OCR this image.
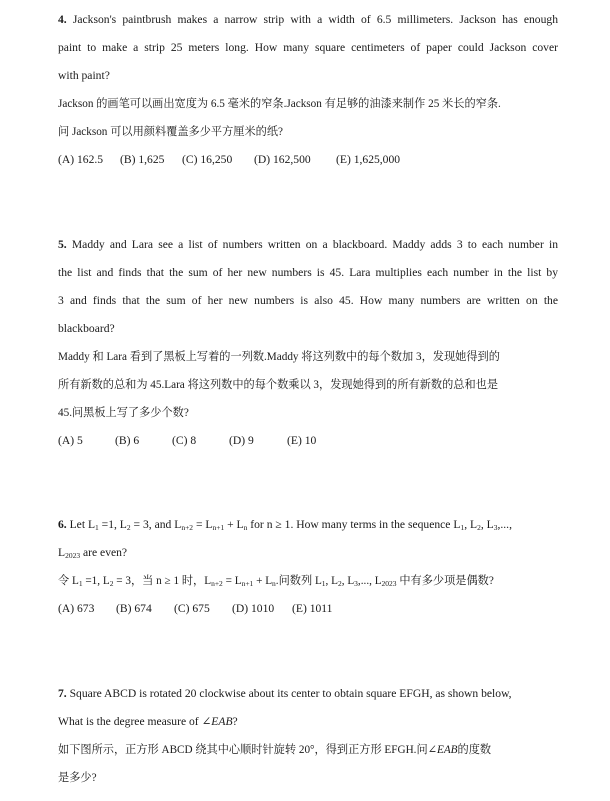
4. Jackson's paintbrush makes a narrow strip with a width of 6.5 millimeters. Jackson has enough
paint to make a strip 25 meters long. How many square centimeters of paper could Jackson cover
with paint?
Jackson 的画笔可以画出宽度为 6.5 毫米的窄条.Jackson 有足够的油漆来制作 25 米长的窄条.
问 Jackson 可以用颜料覆盖多少平方厘米的纸?
(A) 162.5 (B) 1,625 (C) 16,250 (D) 162,500 (E) 1,625,000
5. Maddy and Lara see a list of numbers written on a blackboard. Maddy adds 3 to each number in
the list and finds that the sum of her new numbers is 45. Lara multiplies each number in the list by
3 and finds that the sum of her new numbers is also 45. How many numbers are written on the
blackboard?
Maddy 和 Lara 看到了黑板上写着的一列数.Maddy 将这列数中的每个数加 3，发现她得到的
所有新数的总和为 45.Lara 将这列数中的每个数乘以 3，发现她得到的所有新数的总和也是
45.问黑板上写了多少个数?
(A) 5	(B) 6	(C) 8	(D) 9	(E) 10
6. Let $L_1 =1$, $L_2 = 3$, and $L_{n+2} = L_{n+1} + L_n$ for n ≥ 1. How many terms in the sequence $L_1$, $L_2$, $L_3$,...,
$L_{2023}$ are even?
令 $L_1 =1$, $L_2 = 3$，当 n ≥ 1 时，$L_{n+2} = L_{n+1} + L_n$.问数列 $L_1$, $L_2$, $L_3$,..., $L_{2023}$ 中有多少项是偶数?
(A) 673 (B) 674 (C) 675 (D) 1010 (E) 1011
7. Square ABCD is rotated 20 clockwise about its center to obtain square EFGH, as shown below,
What is the degree measure of ∠EAB?
如下图所示，正方形 ABCD 绕其中心顺时针旋转 20°，得到正方形 EFGH.问∠EAB的度数
是多少?
